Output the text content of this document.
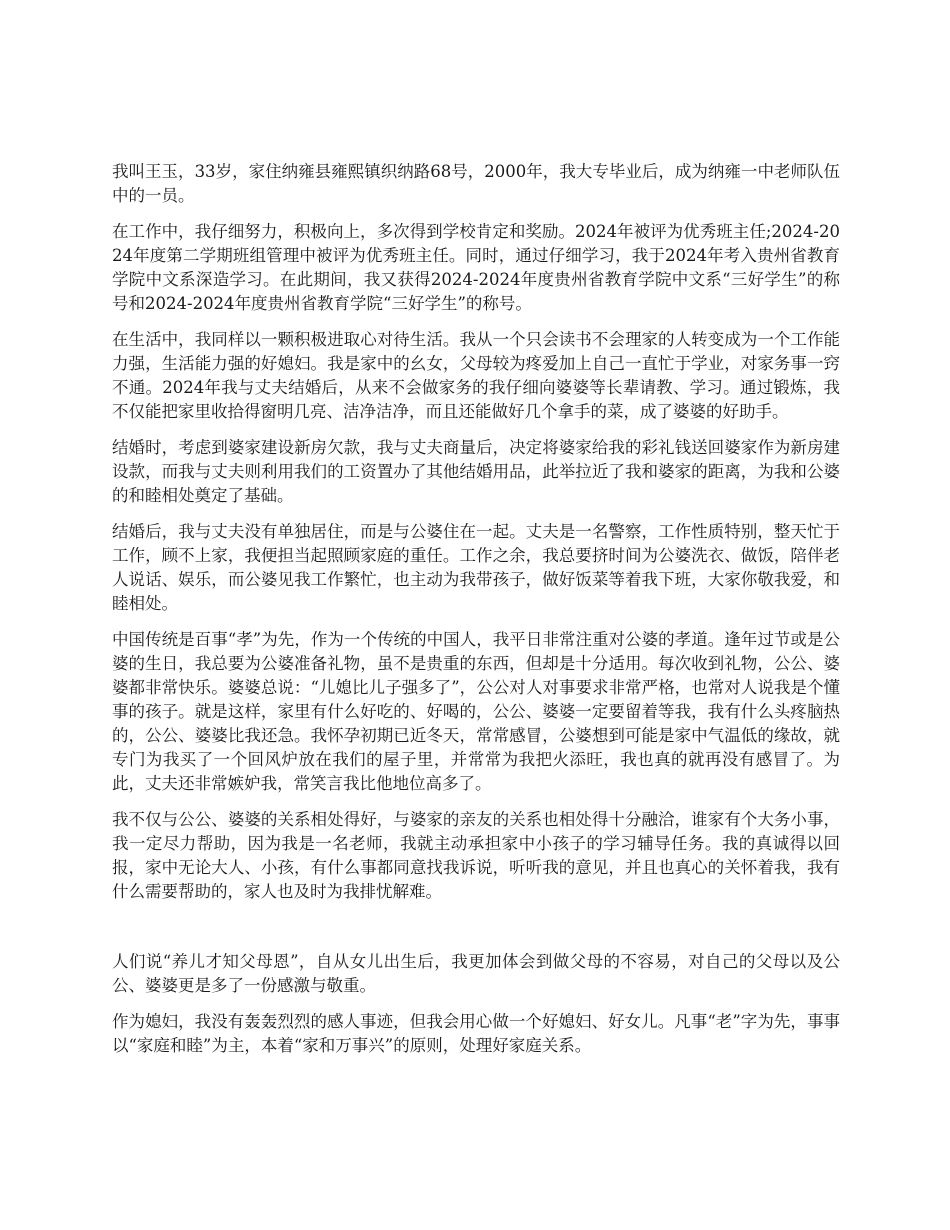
我叫王玉，33岁，家住纳雍县雍熙镇织纳路68号，2000年，我大专毕业后，成为纳雍一中老师队伍中的一员。

在工作中，我仔细努力，积极向上，多次得到学校肯定和奖励。2024年被评为优秀班主任;2024-2024年度第二学期班组管理中被评为优秀班主任。同时，通过仔细学习，我于2024年考入贵州省教育学院中文系深造学习。在此期间，我又获得2024-2024年度贵州省教育学院中文系“三好学生”的称号和2024-2024年度贵州省教育学院“三好学生”的称号。

在生活中，我同样以一颗积极进取心对待生活。我从一个只会读书不会理家的人转变成为一个工作能力强，生活能力强的好媳妇。我是家中的幺女，父母较为疼爱加上自己一直忙于学业，对家务事一窍不通。2024年我与丈夫结婚后，从来不会做家务的我仔细向婆婆等长辈请教、学习。通过锻炼，我不仅能把家里收拾得窗明几亮、洁净洁净，而且还能做好几个拿手的菜，成了婆婆的好助手。

结婚时，考虑到婆家建设新房欠款，我与丈夫商量后，决定将婆家给我的彩礼钱送回婆家作为新房建设款，而我与丈夫则利用我们的工资置办了其他结婚用品，此举拉近了我和婆家的距离，为我和公婆的和睦相处奠定了基础。

结婚后，我与丈夫没有单独居住，而是与公婆住在一起。丈夫是一名警察，工作性质特别，整天忙于工作，顾不上家，我便担当起照顾家庭的重任。工作之余，我总要挤时间为公婆洗衣、做饭，陪伴老人说话、娱乐，而公婆见我工作繁忙，也主动为我带孩子，做好饭菜等着我下班，大家你敬我爱，和睦相处。

中国传统是百事“孝”为先，作为一个传统的中国人，我平日非常注重对公婆的孝道。逢年过节或是公婆的生日，我总要为公婆准备礼物，虽不是贵重的东西，但却是十分适用。每次收到礼物，公公、婆婆都非常快乐。婆婆总说：“儿媳比儿子强多了”，公公对人对事要求非常严格，也常对人说我是个懂事的孩子。就是这样，家里有什么好吃的、好喝的，公公、婆婆一定要留着等我，我有什么头疼脑热的，公公、婆婆比我还急。我怀孕初期已近冬天，常常感冒，公婆想到可能是家中气温低的缘故，就专门为我买了一个回风炉放在我们的屋子里，并常常为我把火添旺，我也真的就再没有感冒了。为此，丈夫还非常嫉妒我，常笑言我比他地位高多了。

我不仅与公公、婆婆的关系相处得好，与婆家的亲友的关系也相处得十分融洽，谁家有个大务小事，我一定尽力帮助，因为我是一名老师，我就主动承担家中小孩子的学习辅导任务。我的真诚得以回报，家中无论大人、小孩，有什么事都同意找我诉说，听听我的意见，并且也真心的关怀着我，我有什么需要帮助的，家人也及时为我排忧解难。

人们说“养儿才知父母恩”，自从女儿出生后，我更加体会到做父母的不容易，对自己的父母以及公公、婆婆更是多了一份感激与敬重。

作为媳妇，我没有轰轰烈烈的感人事迹，但我会用心做一个好媳妇、好女儿。凡事“老”字为先，事事以“家庭和睦”为主，本着“家和万事兴”的原则，处理好家庭关系。
